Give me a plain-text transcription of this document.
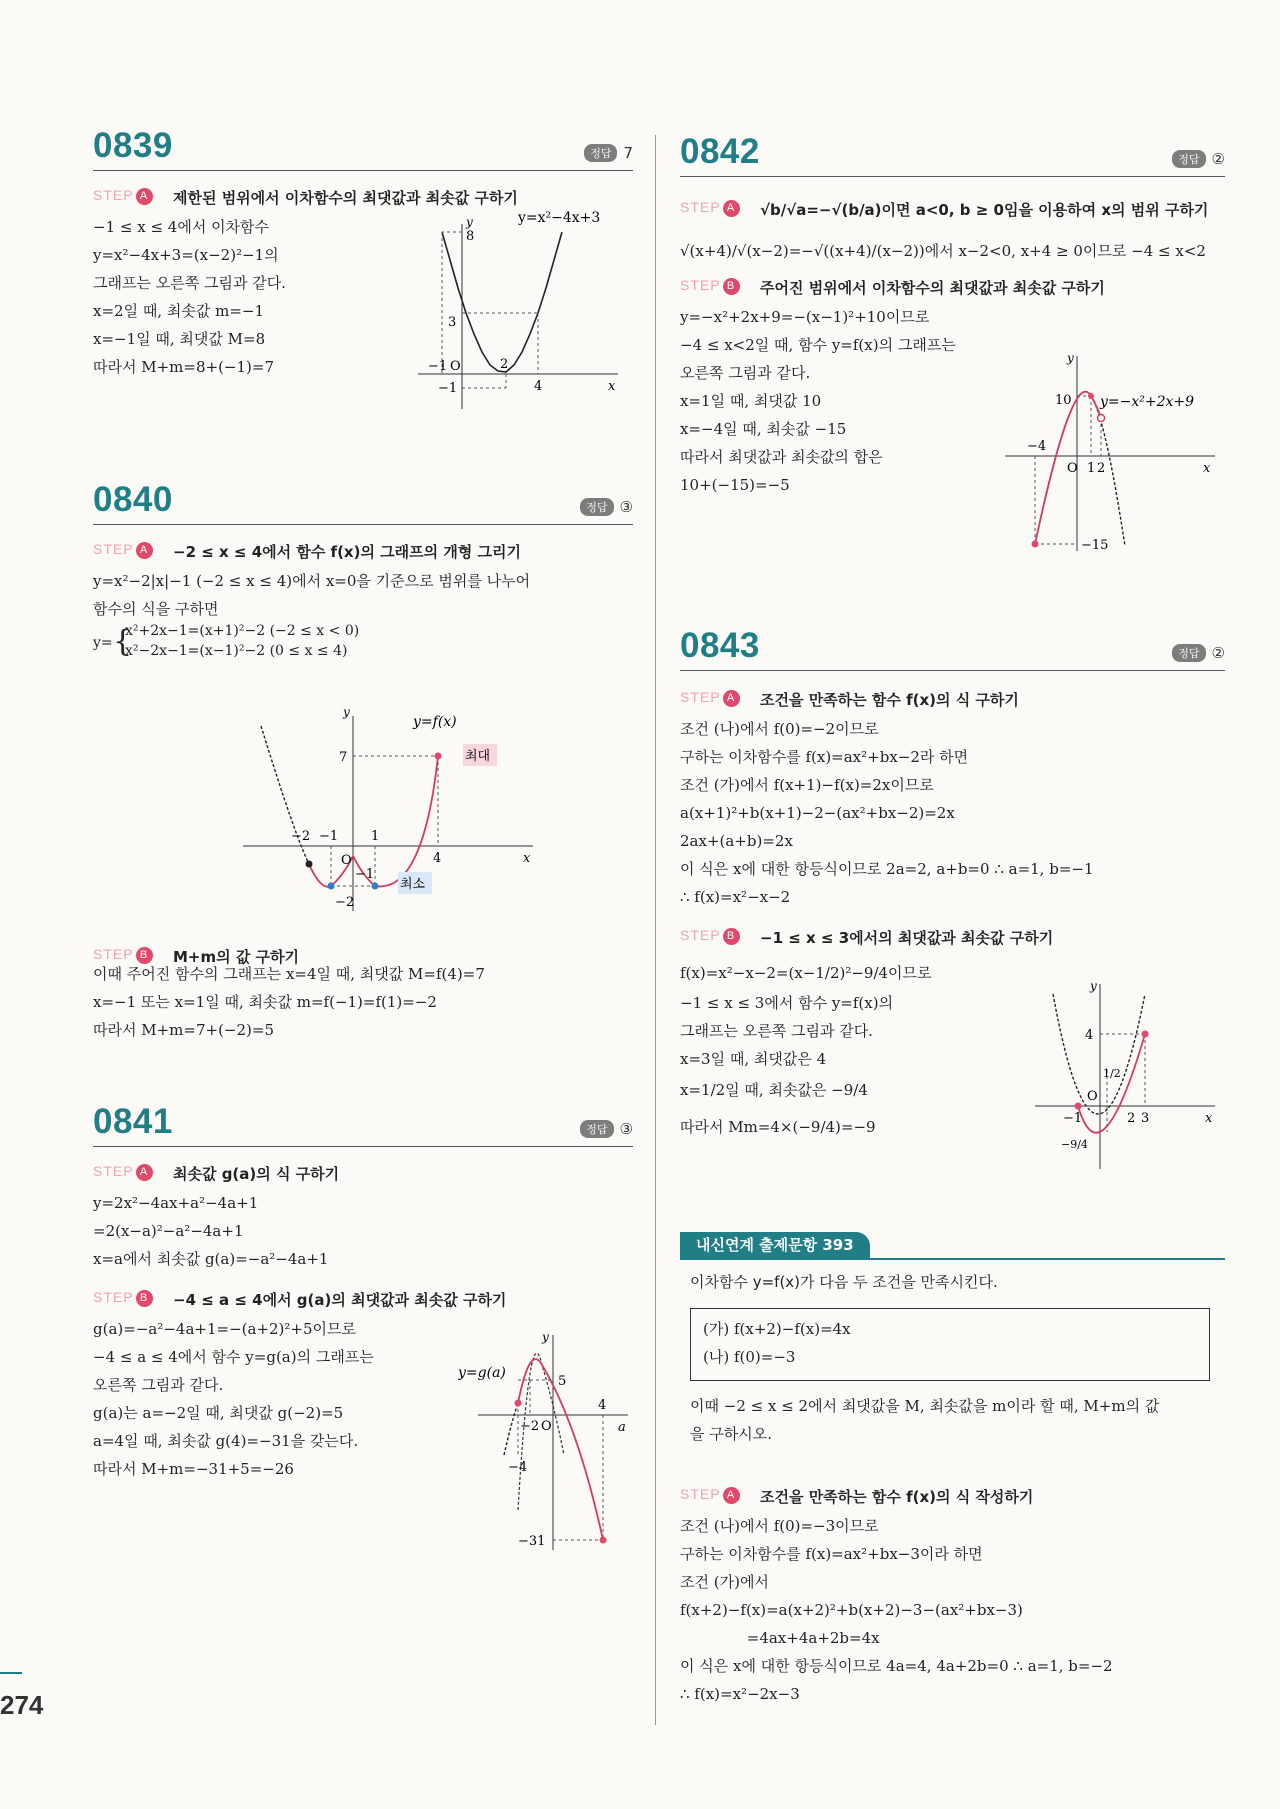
274
0839	정답 7
STEP A 제한된 범위에서 이차함수의 최댓값과 최솟값 구하기
−1 ≤ x ≤ 4에서 이차함수
y=x²−4x+3=(x−2)²−1의
그래프는 오른쪽 그림과 같다.
x=2일 때, 최솟값 m=−1
x=−1일 때, 최댓값 M=8
따라서 M+m=8+(−1)=7
y=x²−4x+3
y
x
8
3
−1 O	2
4
−1
0840	정답 ③
STEP A −2 ≤ x ≤ 4에서 함수 f(x)의 그래프의 개형 그리기
y=x²−2|x|−1 (−2 ≤ x ≤ 4)에서 x=0을 기준으로 범위를 나누어
함수의 식을 구하면
y= {
x²+2x−1=(x+1)²−2 (−2 ≤ x < 0)
x²−2x−1=(x−1)²−2 (0 ≤ x ≤ 4)
y=f(x)
y
x
7	최대
최소
−2 −1	1
O
−1
4
−2
STEP B M+m의 값 구하기
이때 주어진 함수의 그래프는 x=4일 때, 최댓값 M=f(4)=7
x=−1 또는 x=1일 때, 최솟값 m=f(−1)=f(1)=−2
따라서 M+m=7+(−2)=5
0841	정답 ③
STEP A 최솟값 g(a)의 식 구하기
y=2x²−4ax+a²−4a+1
=2(x−a)²−a²−4a+1
x=a에서 최솟값 g(a)=−a²−4a+1
STEP B −4 ≤ a ≤ 4에서 g(a)의 최댓값과 최솟값 구하기
g(a)=−a²−4a+1=−(a+2)²+5이므로
−4 ≤ a ≤ 4에서 함수 y=g(a)의 그래프는
오른쪽 그림과 같다.
g(a)는 a=−2일 때, 최댓값 g(−2)=5
a=4일 때, 최솟값 g(4)=−31을 갖는다.
따라서 M+m=−31+5=−26
y=g(a)
y
a
5
4
−2 O
−4
−31
0842	정답 ②
STEP A √b/√a=−√(b/a)이면 a<0, b ≥ 0임을 이용하여 x의 범위 구하기
√(x+4)/√(x−2)=−√((x+4)/(x−2))에서 x−2<0, x+4 ≥ 0이므로 −4 ≤ x<2
STEP B 주어진 범위에서 이차함수의 최댓값과 최솟값 구하기
y=−x²+2x+9=−(x−1)²+10이므로
−4 ≤ x<2일 때, 함수 y=f(x)의 그래프는
오른쪽 그림과 같다.
x=1일 때, 최댓값 10
x=−4일 때, 최솟값 −15
따라서 최댓값과 최솟값의 합은
10+(−15)=−5
y=−x²+2x+9
y
x
10
−4
O 1 2
−15
0843	정답 ②
STEP A 조건을 만족하는 함수 f(x)의 식 구하기
조건 (나)에서 f(0)=−2이므로
구하는 이차함수를 f(x)=ax²+bx−2라 하면
조건 (가)에서 f(x+1)−f(x)=2x이므로
a(x+1)²+b(x+1)−2−(ax²+bx−2)=2x
2ax+(a+b)=2x
이 식은 x에 대한 항등식이므로 2a=2, a+b=0 ∴ a=1, b=−1
∴ f(x)=x²−x−2
STEP B −1 ≤ x ≤ 3에서의 최댓값과 최솟값 구하기
f(x)=x²−x−2=(x−1/2)²−9/4이므로
−1 ≤ x ≤ 3에서 함수 y=f(x)의
그래프는 오른쪽 그림과 같다.
x=3일 때, 최댓값은 4
x=1/2일 때, 최솟값은 −9/4
따라서 Mm=4×(−9/4)=−9
y
x
4
1/2
O
−1	2 3
−9/4
내신연계 출제문항 393
이차함수 y=f(x)가 다음 두 조건을 만족시킨다.
(가) f(x+2)−f(x)=4x
(나) f(0)=−3
이때 −2 ≤ x ≤ 2에서 최댓값을 M, 최솟값을 m이라 할 때, M+m의 값
을 구하시오.
STEP A 조건을 만족하는 함수 f(x)의 식 작성하기
조건 (나)에서 f(0)=−3이므로
구하는 이차함수를 f(x)=ax²+bx−3이라 하면
조건 (가)에서
f(x+2)−f(x)=a(x+2)²+b(x+2)−3−(ax²+bx−3)
=4ax+4a+2b=4x
이 식은 x에 대한 항등식이므로 4a=4, 4a+2b=0 ∴ a=1, b=−2
∴ f(x)=x²−2x−3
